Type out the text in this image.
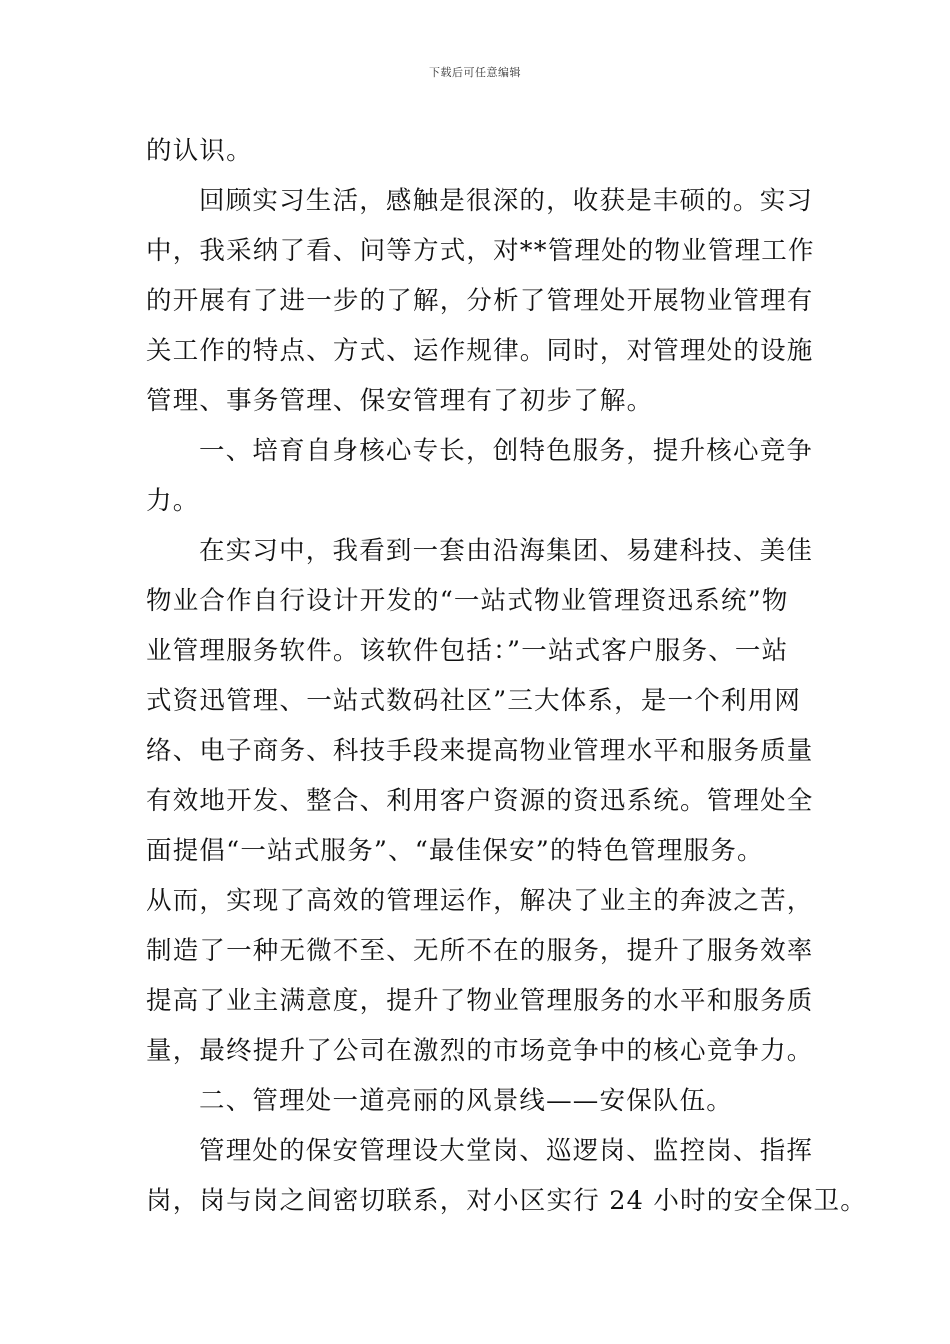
下载后可任意编辑
的认识。
回顾实习生活，感触是很深的，收获是丰硕的。实习
中，我采纳了看、问等方式，对**管理处的物业管理工作
的开展有了进一步的了解，分析了管理处开展物业管理有
关工作的特点、方式、运作规律。同时，对管理处的设施
管理、事务管理、保安管理有了初步了解。
一、培育自身核心专长，创特色服务，提升核心竞争
力。
在实习中，我看到一套由沿海集团、易建科技、美佳
物业合作自行设计开发的“一站式物业管理资迅系统”物
业管理服务软件。该软件包括：”一站式客户服务、一站
式资迅管理、一站式数码社区”三大体系，是一个利用网
络、电子商务、科技手段来提高物业管理水平和服务质量
有效地开发、整合、利用客户资源的资迅系统。管理处全
面提倡“一站式服务”、“最佳保安”的特色管理服务。
从而，实现了高效的管理运作，解决了业主的奔波之苦，
制造了一种无微不至、无所不在的服务，提升了服务效率
提高了业主满意度，提升了物业管理服务的水平和服务质
量，最终提升了公司在激烈的市场竞争中的核心竞争力。
二、管理处一道亮丽的风景线——安保队伍。
管理处的保安管理设大堂岗、巡逻岗、监控岗、指挥
岗，岗与岗之间密切联系，对小区实行 24 小时的安全保卫。
